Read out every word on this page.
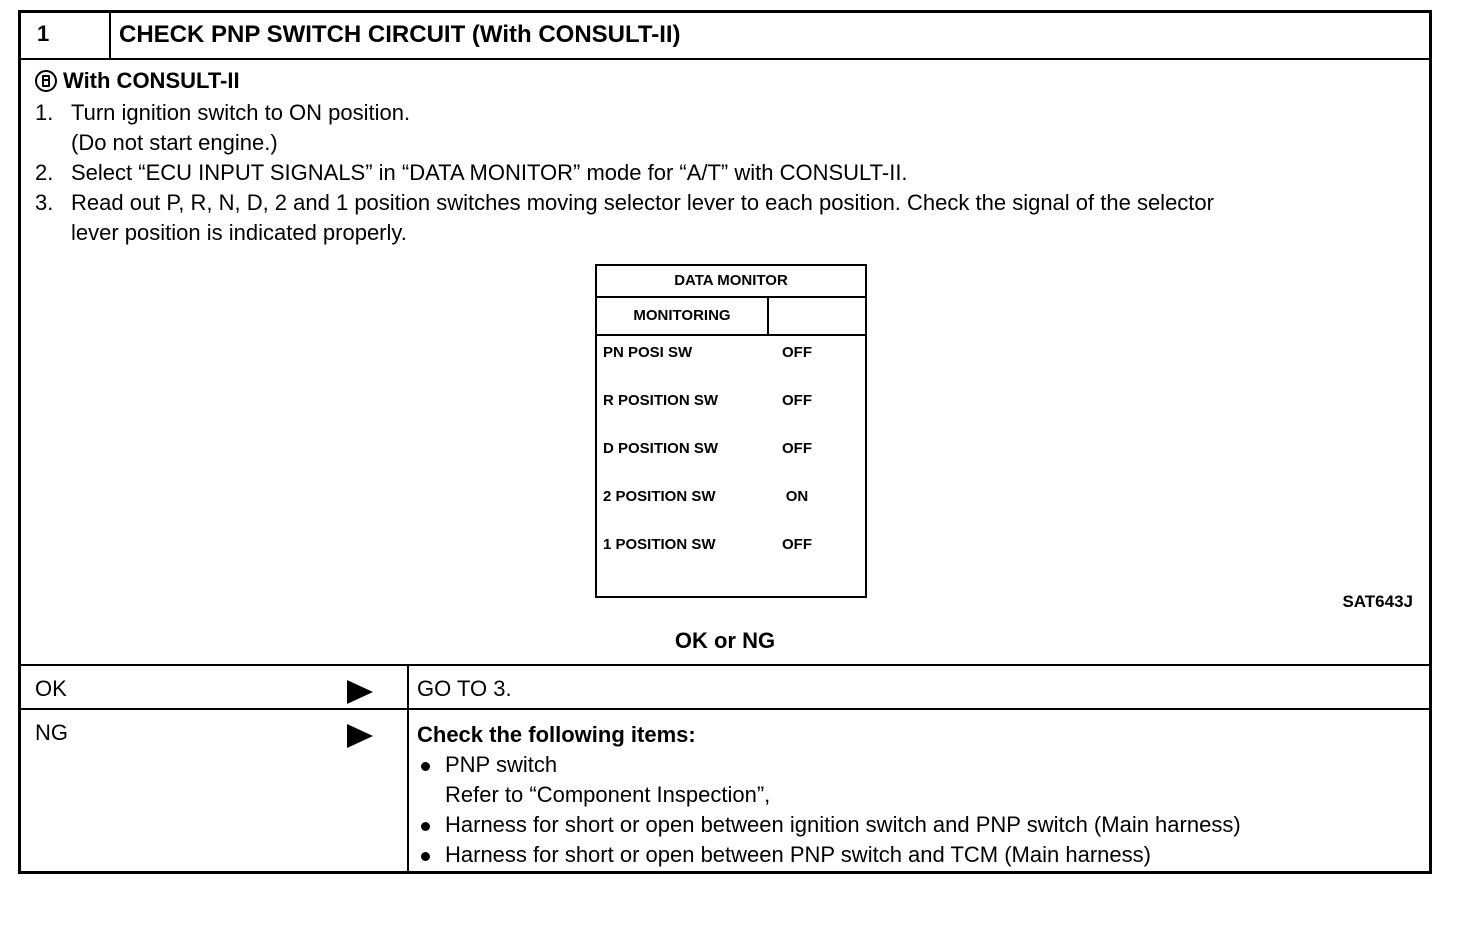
1	CHECK PNP SWITCH CIRCUIT (With CONSULT-II)
With CONSULT-II
1. Turn ignition switch to ON position.
(Do not start engine.)
2. Select “ECU INPUT SIGNALS” in “DATA MONITOR” mode for “A/T” with CONSULT-II.
3. Read out P, R, N, D, 2 and 1 position switches moving selector lever to each position. Check the signal of the selector
lever position is indicated properly.
DATA MONITOR
MONITORING
PN POSI SW	OFF
R POSITION SW	OFF
D POSITION SW	OFF
2 POSITION SW	ON
1 POSITION SW	OFF
SAT643J
OK or NG
OK	GO TO 3.
NG	Check the following items:
PNP switch
Refer to “Component Inspection”,
Harness for short or open between ignition switch and PNP switch (Main harness)
Harness for short or open between PNP switch and TCM (Main harness)
